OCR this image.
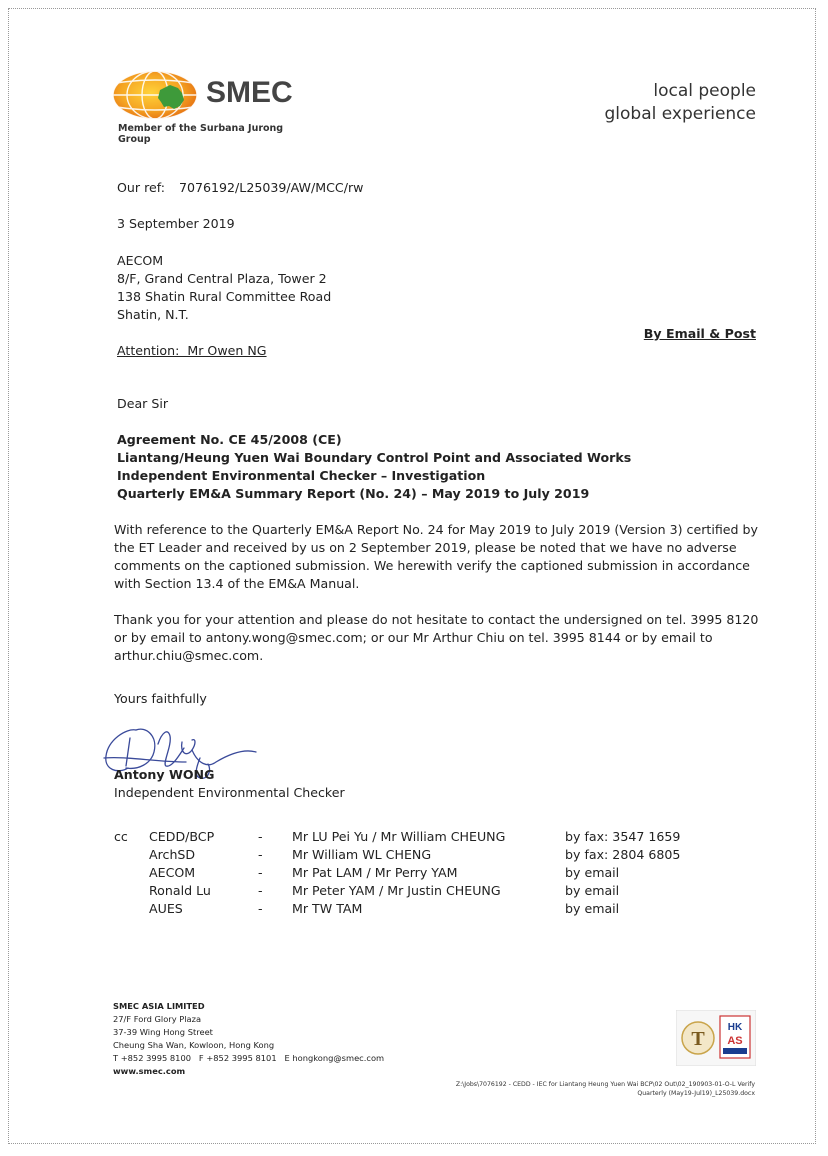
SMEC
Member of the Surbana Jurong Group
local people
global experience
Our ref: 7076192/L25039/AW/MCC/rw
3 September 2019
AECOM
8/F, Grand Central Plaza, Tower 2
138 Shatin Rural Committee Road
Shatin, N.T.
By Email & Post
Attention:  Mr Owen NG
Dear Sir
Agreement No. CE 45/2008 (CE)
Liantang/Heung Yuen Wai Boundary Control Point and Associated Works
Independent Environmental Checker – Investigation
Quarterly EM&A Summary Report (No. 24) – May 2019 to July 2019
With reference to the Quarterly EM&A Report No. 24 for May 2019 to July 2019 (Version 3) certified by the ET Leader and received by us on 2 September 2019, please be noted that we have no adverse comments on the captioned submission. We herewith verify the captioned submission in accordance with Section 13.4 of the EM&A Manual.
Thank you for your attention and please do not hesitate to contact the undersigned on tel. 3995 8120 or by email to antony.wong@smec.com; or our Mr Arthur Chiu on tel. 3995 8144 or by email to arthur.chiu@smec.com.
Yours faithfully
Antony WONG
Independent Environmental Checker
cc CEDD/BCP	- Mr LU Pei Yu / Mr William CHEUNG	by fax: 3547 1659
ArchSD	- Mr William WL CHENG	by fax: 2804 6805
AECOM	- Mr Pat LAM / Mr Perry YAM	by email
Ronald Lu	- Mr Peter YAM / Mr Justin CHEUNG	by email
AUES	- Mr TW TAM	by email
SMEC ASIA LIMITED
27/F Ford Glory Plaza
37-39 Wing Hong Street
Cheung Sha Wan, Kowloon, Hong Kong
T +852 3995 8100   F +852 3995 8101   E hongkong@smec.com
www.smec.com
T
HK
AS
Z:\Jobs\7076192 - CEDD - IEC for Liantang Heung Yuen Wai BCP\02 Out\02_190903-01-O-L Verify
Quarterly (May19-Jul19)_L25039.docx
